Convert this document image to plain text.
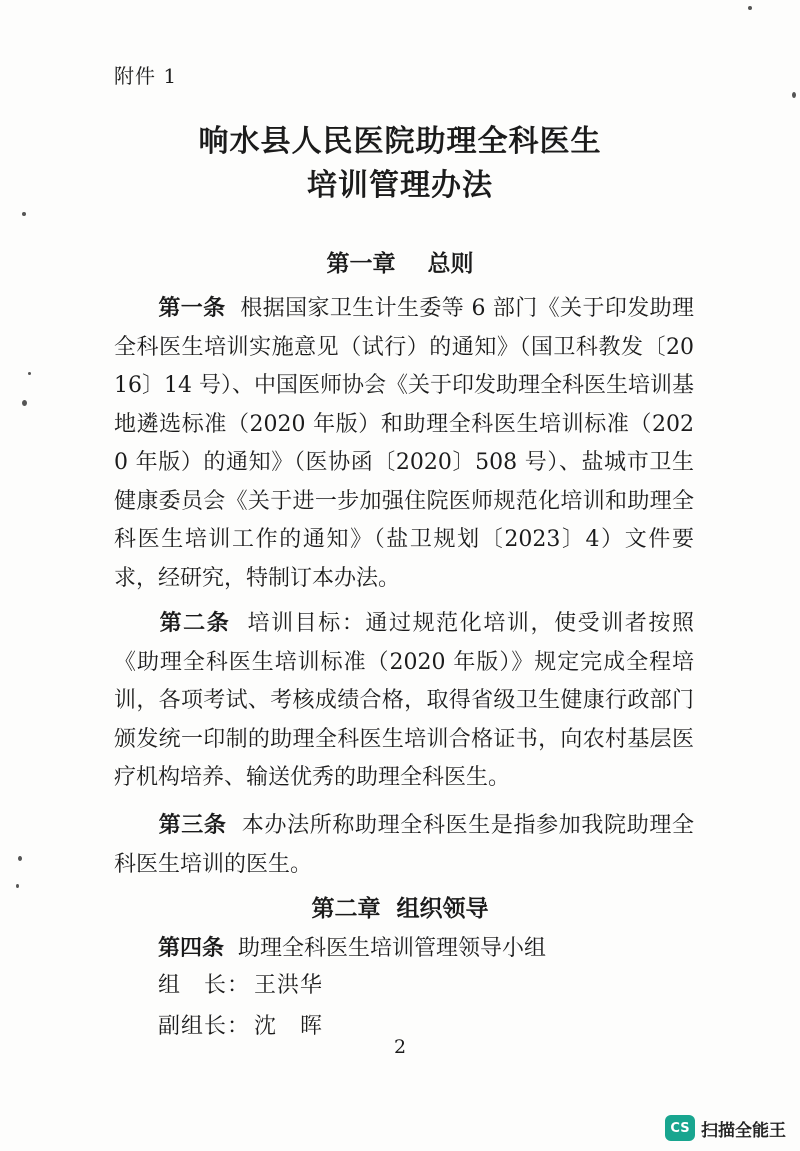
附件 1
响水县人民医院助理全科医生
培训管理办法
第一章    总则

第一条 根据国家卫生计生委等 6 部门《关于印发助理全科医生培训实施意见（试行）的通知》（国卫科教发〔2016〕14 号）、中国医师协会《关于印发助理全科医生培训基地遴选标准（2020 年版）和助理全科医生培训标准（2020 年版）的通知》（医协函〔2020〕508 号）、盐城市卫生健康委员会《关于进一步加强住院医师规范化培训和助理全科医生培训工作的通知》（盐卫规划〔2023〕4）文件要求，经研究，特制订本办法。

第二条 培训目标：通过规范化培训，使受训者按照《助理全科医生培训标准（2020 年版）》规定完成全程培训，各项考试、考核成绩合格，取得省级卫生健康行政部门颁发统一印制的助理全科医生培训合格证书，向农村基层医疗机构培养、输送优秀的助理全科医生。

第三条 本办法所称助理全科医生是指参加我院助理全科医生培训的医生。

第二章  组织领导

第四条 助理全科医生培训管理领导小组

组　长： 王洪华
副组长： 沈　晖
2
CS 扫描全能王
